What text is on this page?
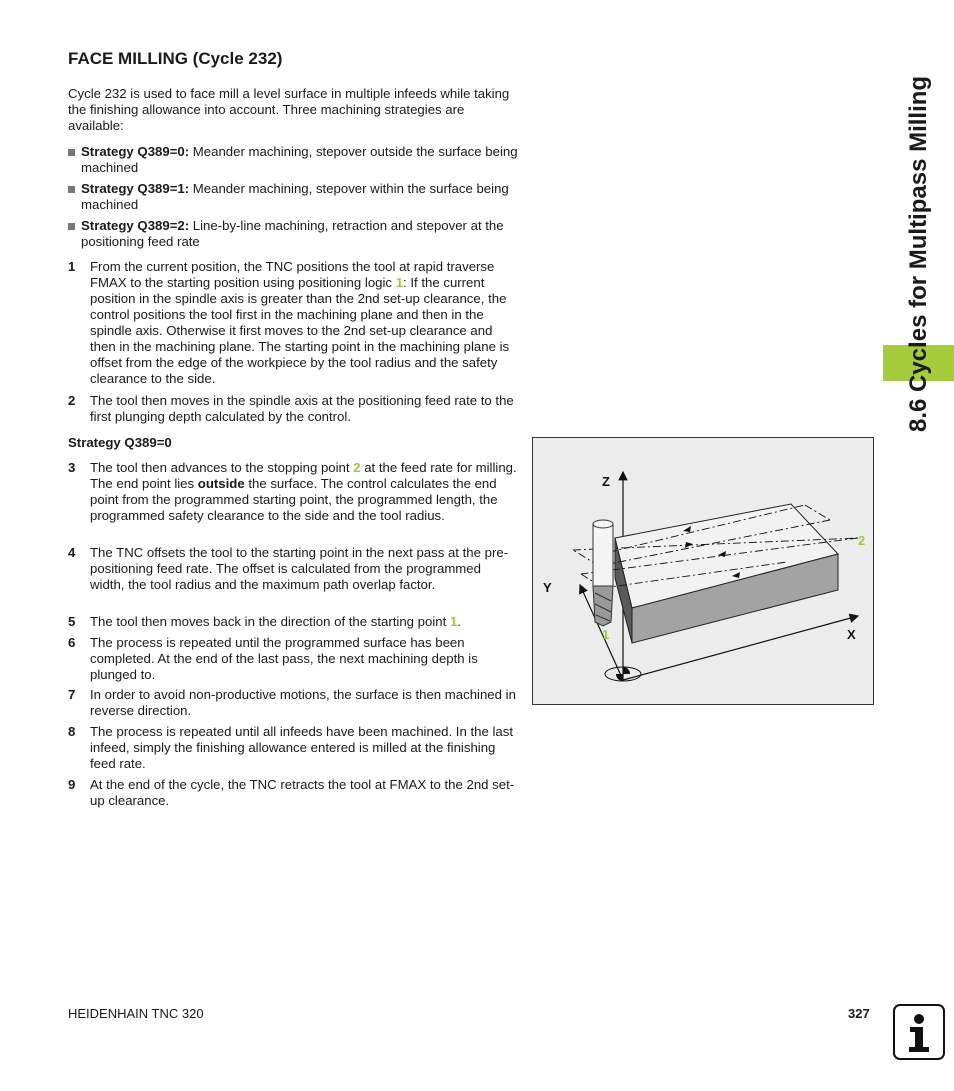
FACE MILLING (Cycle 232)
Cycle 232 is used to face mill a level surface in multiple infeeds while taking the finishing allowance into account. Three machining strategies are available:
Strategy Q389=0: Meander machining, stepover outside the surface being machined
Strategy Q389=1: Meander machining, stepover within the surface being machined
Strategy Q389=2: Line-by-line machining, retraction and stepover at the positioning feed rate
1 From the current position, the TNC positions the tool at rapid traverse FMAX to the starting position using positioning logic 1: If the current position in the spindle axis is greater than the 2nd set-up clearance, the control positions the tool first in the machining plane and then in the spindle axis. Otherwise it first moves to the 2nd set-up clearance and then in the machining plane. The starting point in the machining plane is offset from the edge of the workpiece by the tool radius and the safety clearance to the side.
2 The tool then moves in the spindle axis at the positioning feed rate to the first plunging depth calculated by the control.
Strategy Q389=0
3 The tool then advances to the stopping point 2 at the feed rate for milling. The end point lies outside the surface. The control calculates the end point from the programmed starting point, the programmed length, the programmed safety clearance to the side and the tool radius.
4 The TNC offsets the tool to the starting point in the next pass at the pre-positioning feed rate. The offset is calculated from the programmed width, the tool radius and the maximum path overlap factor.
5 The tool then moves back in the direction of the starting point 1.
6 The process is repeated until the programmed surface has been completed. At the end of the last pass, the next machining depth is plunged to.
7 In order to avoid non-productive motions, the surface is then machined in reverse direction.
8 The process is repeated until all infeeds have been machined. In the last infeed, simply the finishing allowance entered is milled at the finishing feed rate.
9 At the end of the cycle, the TNC retracts the tool at FMAX to the 2nd set-up clearance.
Z
Y
X
1
2
8.6 Cycles for Multipass Milling
HEIDENHAIN TNC 320	327
